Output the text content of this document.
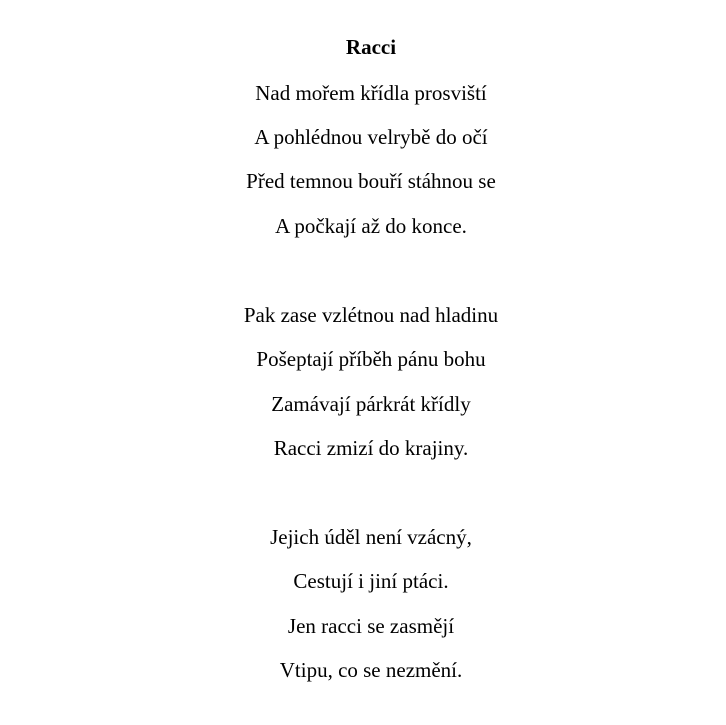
Racci
Nad mořem křídla prosviští
A pohlédnou velrybě do očí
Před temnou bouří stáhnou se
A počkají až do konce.
Pak zase vzlétnou nad hladinu
Pošeptají příběh pánu bohu
Zamávají párkrát křídly
Racci zmizí do krajiny.
Jejich úděl není vzácný,
Cestují i jiní ptáci.
Jen racci se zasmějí
Vtipu, co se nezmění.
